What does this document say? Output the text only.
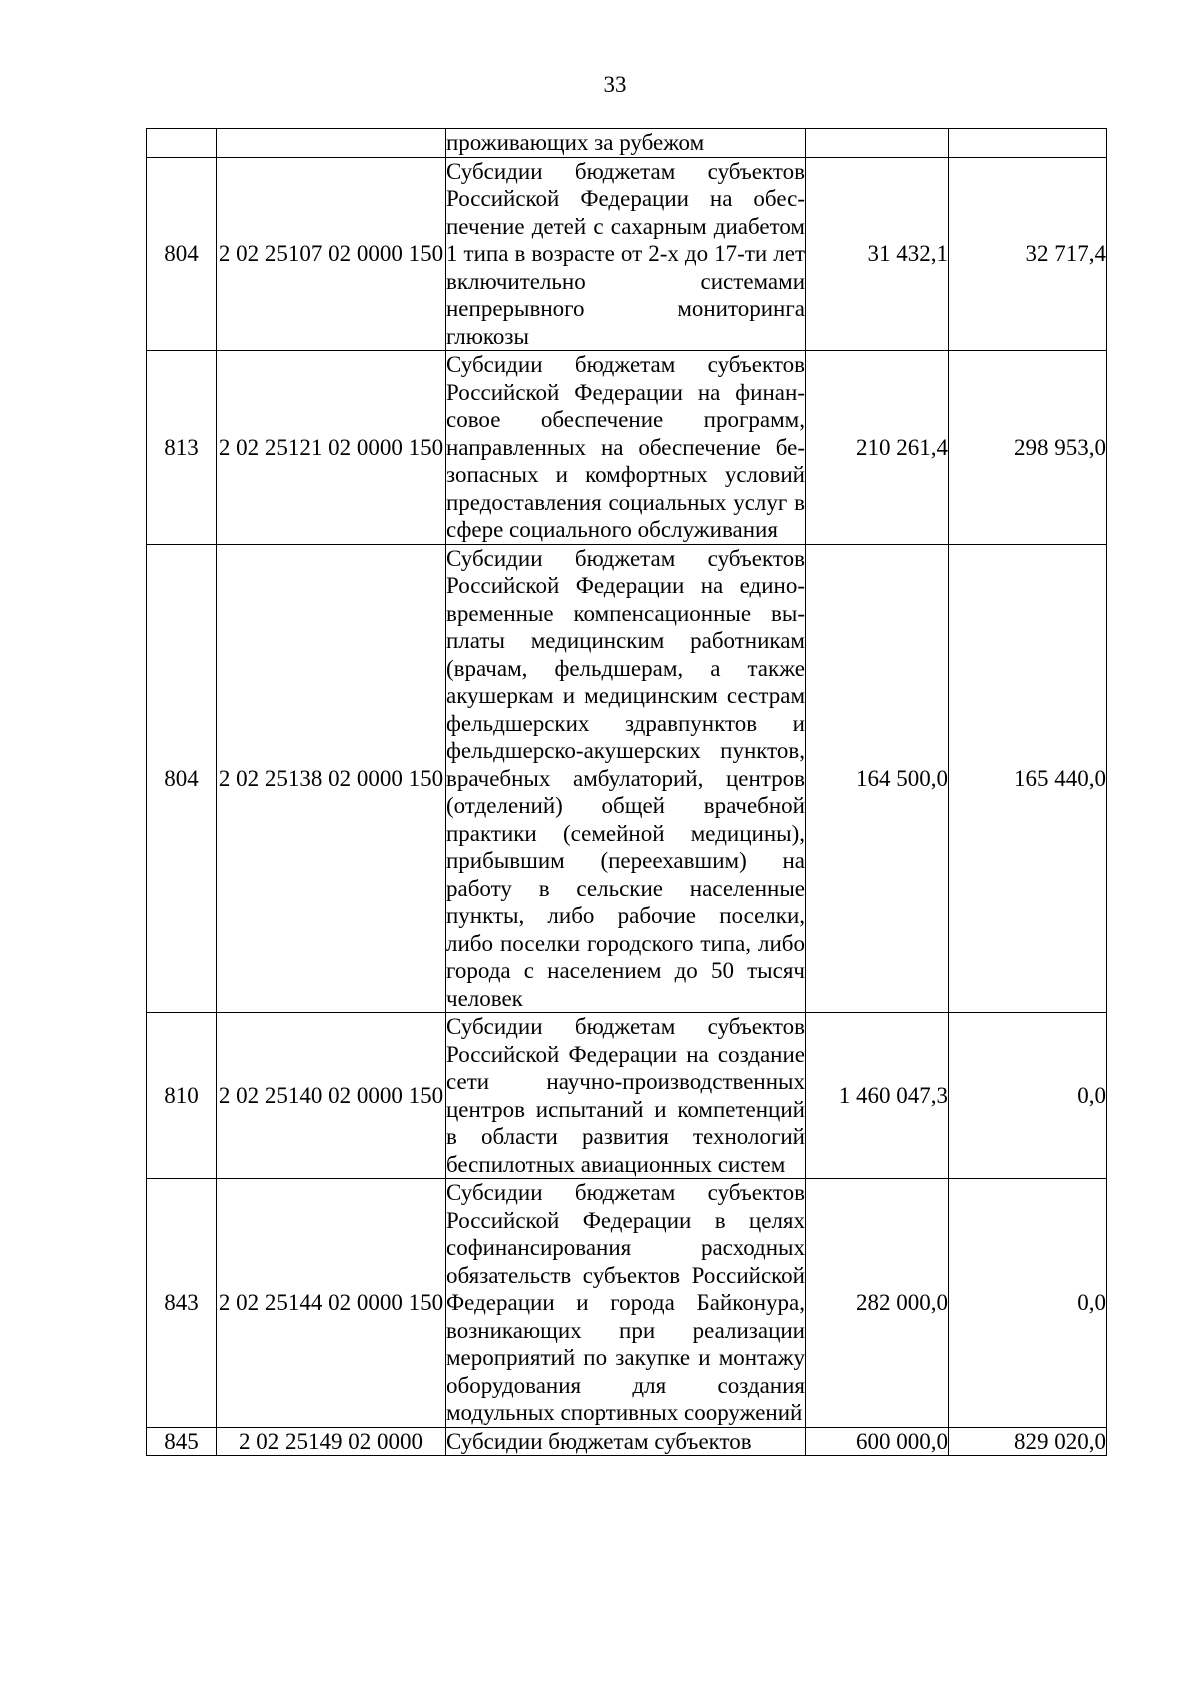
33
		проживающих за рубежом		
804	2 02 25107 02 0000 150	Субсидии бюджетам субъектов Российской Федерации на обеспечение детей с сахарным диабетом 1 типа в возрасте от 2-х до 17-ти лет включительно системами непрерывного мониторинга глюкозы	31 432,1	32 717,4
813	2 02 25121 02 0000 150	Субсидии бюджетам субъектов Российской Федерации на финансовое обеспечение программ, направленных на обеспечение безопасных и комфортных условий предоставления социальных услуг в сфере социального обслуживания	210 261,4	298 953,0
804	2 02 25138 02 0000 150	Субсидии бюджетам субъектов Российской Федерации на единовременные компенсационные выплаты медицинским работникам (врачам, фельдшерам, а также акушеркам и медицинским сестрам фельдшерских здравпунктов и фельдшерско-акушерских пунктов, врачебных амбулаторий, центров (отделений) общей врачебной практики (семейной медицины), прибывшим (переехавшим) на работу в сельские населенные пункты, либо рабочие поселки, либо поселки городского типа, либо города с населением до 50 тысяч человек	164 500,0	165 440,0
810	2 02 25140 02 0000 150	Субсидии бюджетам субъектов Российской Федерации на создание сети научно-производственных центров испытаний и компетенций в области развития технологий беспилотных авиационных систем	1 460 047,3	0,0
843	2 02 25144 02 0000 150	Субсидии бюджетам субъектов Российской Федерации в целях софинансирования расходных обязательств субъектов Российской Федерации и города Байконура, возникающих при реализации мероприятий по закупке и монтажу оборудования для создания модульных спортивных сооружений	282 000,0	0,0
845	2 02 25149 02 0000	Субсидии бюджетам субъектов	600 000,0	829 020,0
